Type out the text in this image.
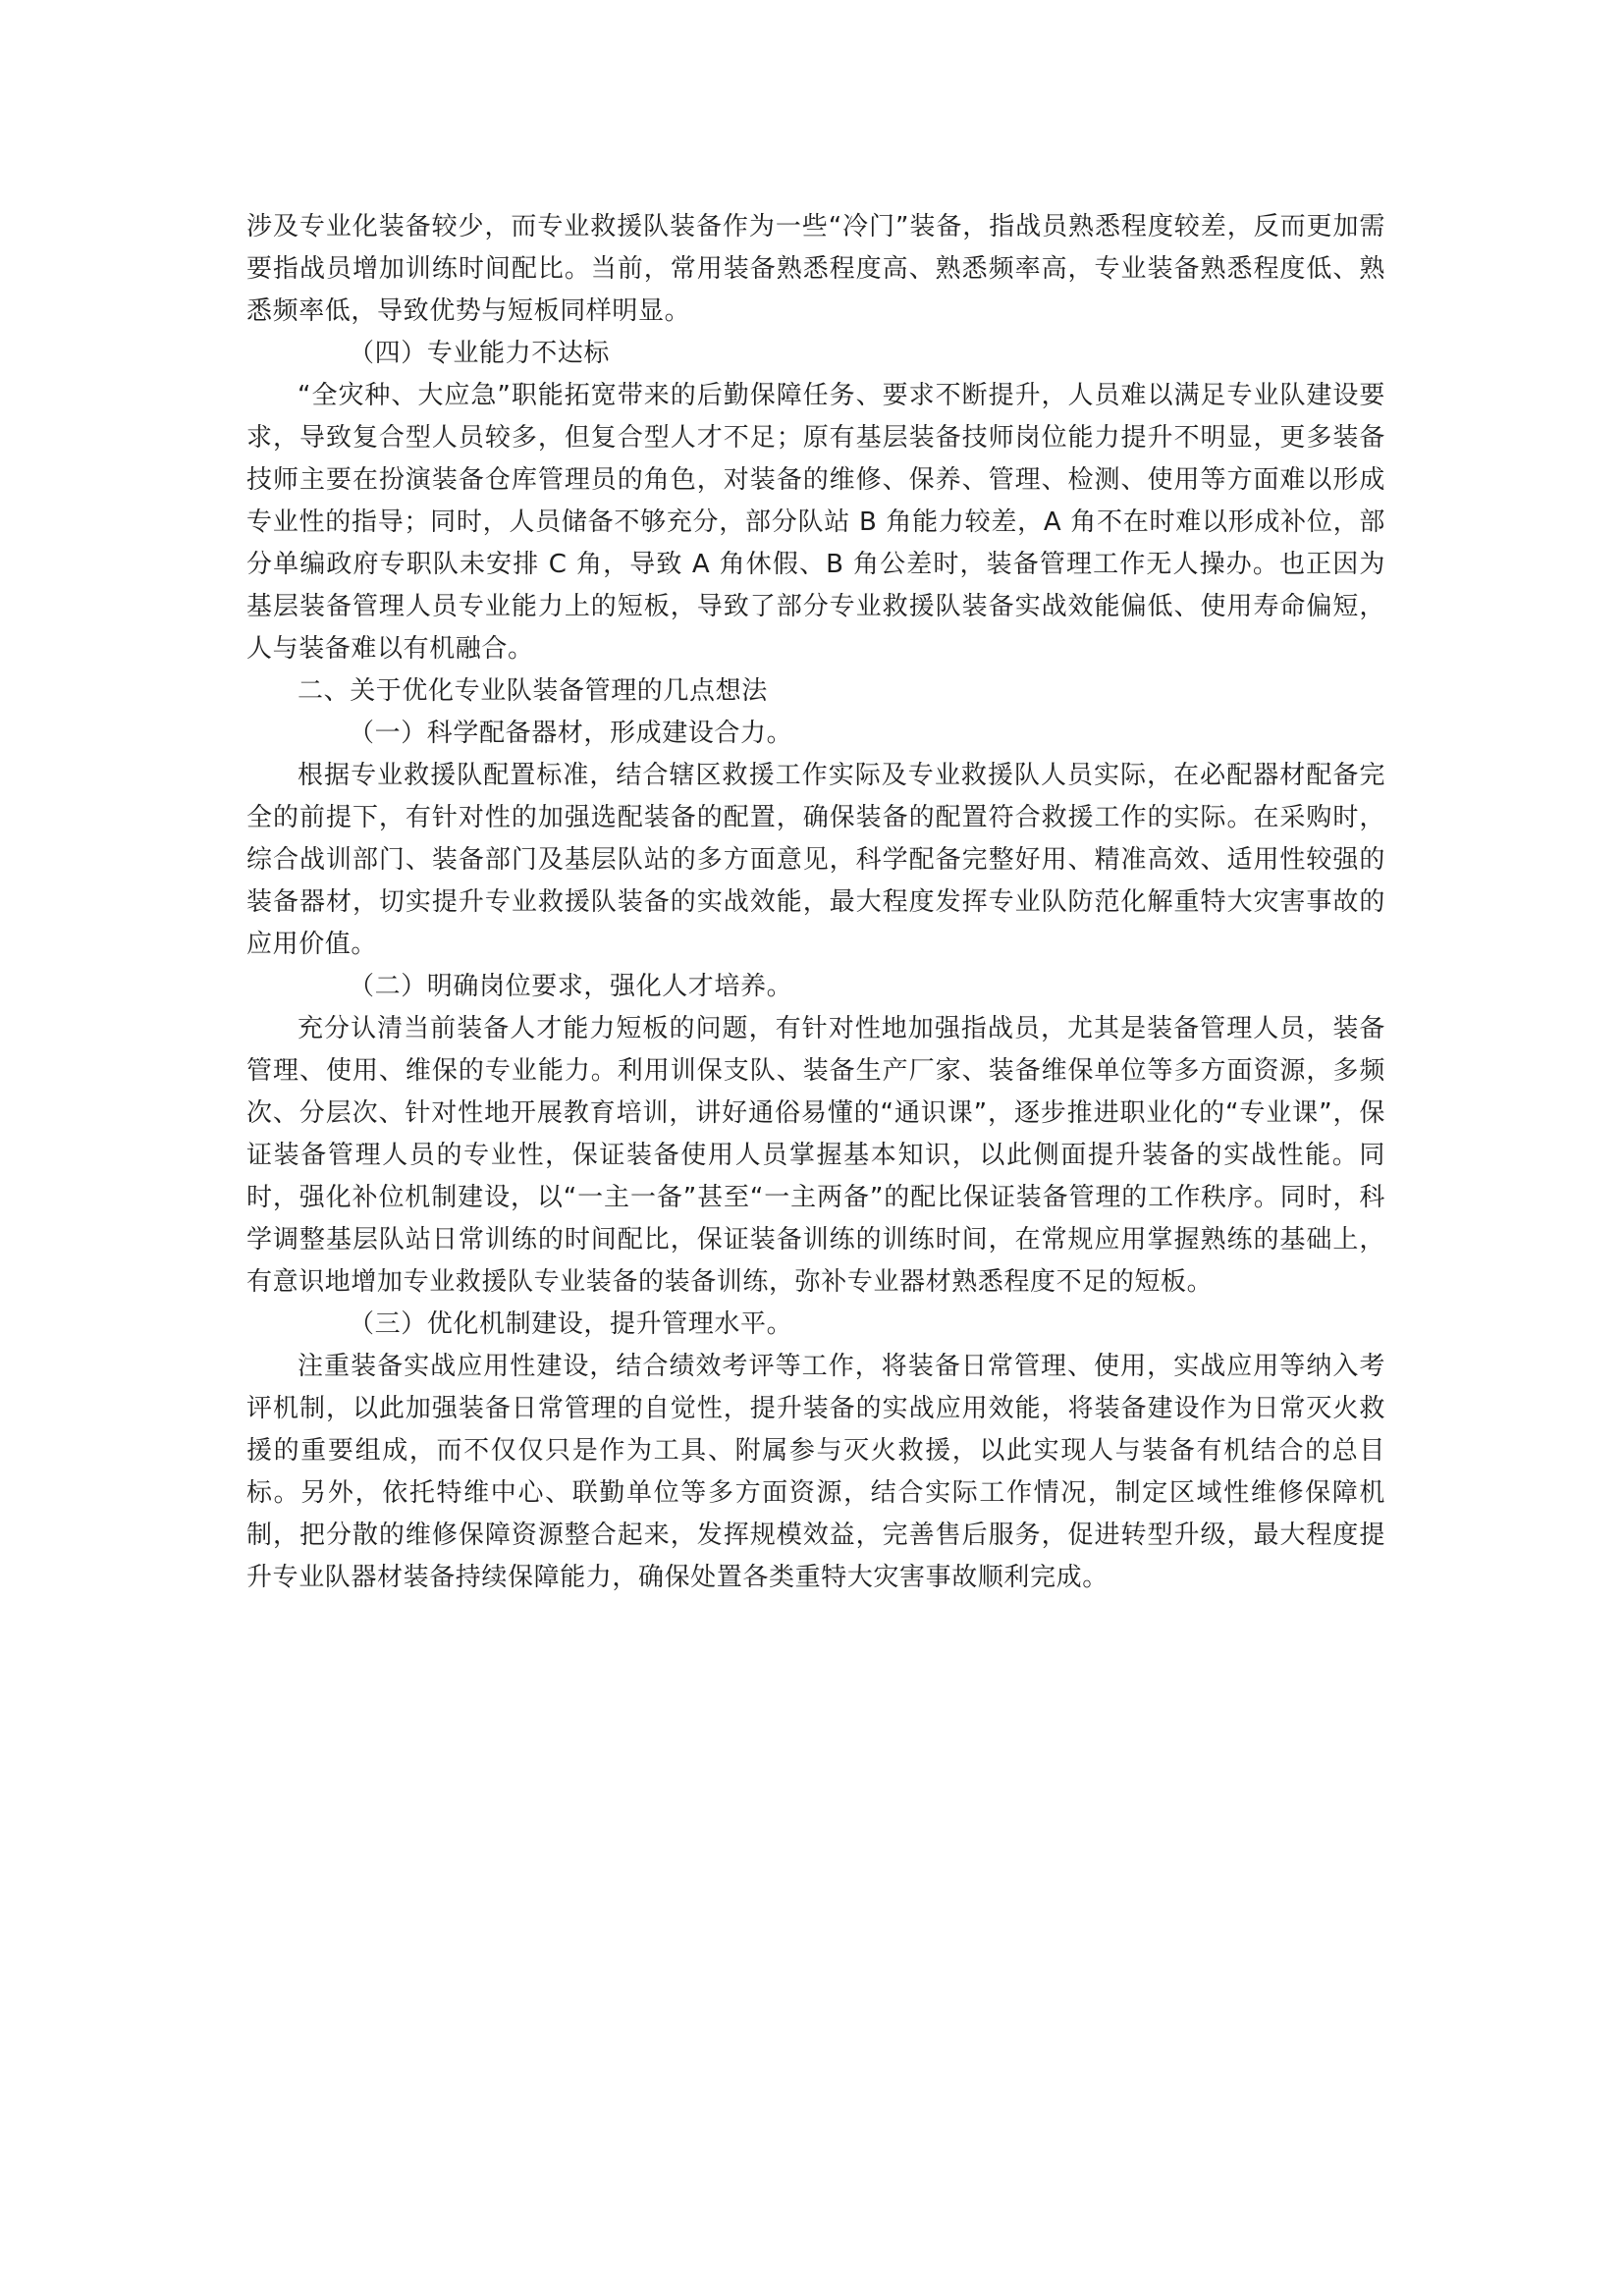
涉及专业化装备较少，而专业救援队装备作为一些“冷门”装备，指战员熟悉程度较差，反而更加需要指战员增加训练时间配比。当前，常用装备熟悉程度高、熟悉频率高，专业装备熟悉程度低、熟悉频率低，导致优势与短板同样明显。

（四）专业能力不达标

“全灾种、大应急”职能拓宽带来的后勤保障任务、要求不断提升，人员难以满足专业队建设要求，导致复合型人员较多，但复合型人才不足；原有基层装备技师岗位能力提升不明显，更多装备技师主要在扮演装备仓库管理员的角色，对装备的维修、保养、管理、检测、使用等方面难以形成专业性的指导；同时，人员储备不够充分，部分队站 B 角能力较差，A 角不在时难以形成补位，部分单编政府专职队未安排 C 角，导致 A 角休假、B 角公差时，装备管理工作无人操办。也正因为基层装备管理人员专业能力上的短板，导致了部分专业救援队装备实战效能偏低、使用寿命偏短，人与装备难以有机融合。

二、关于优化专业队装备管理的几点想法

（一）科学配备器材，形成建设合力。

根据专业救援队配置标准，结合辖区救援工作实际及专业救援队人员实际，在必配器材配备完全的前提下，有针对性的加强选配装备的配置，确保装备的配置符合救援工作的实际。在采购时，综合战训部门、装备部门及基层队站的多方面意见，科学配备完整好用、精准高效、适用性较强的装备器材，切实提升专业救援队装备的实战效能，最大程度发挥专业队防范化解重特大灾害事故的应用价值。

（二）明确岗位要求，强化人才培养。

充分认清当前装备人才能力短板的问题，有针对性地加强指战员，尤其是装备管理人员，装备管理、使用、维保的专业能力。利用训保支队、装备生产厂家、装备维保单位等多方面资源，多频次、分层次、针对性地开展教育培训，讲好通俗易懂的“通识课”，逐步推进职业化的“专业课”，保证装备管理人员的专业性，保证装备使用人员掌握基本知识，以此侧面提升装备的实战性能。同时，强化补位机制建设，以“一主一备”甚至“一主两备”的配比保证装备管理的工作秩序。同时，科学调整基层队站日常训练的时间配比，保证装备训练的训练时间，在常规应用掌握熟练的基础上，有意识地增加专业救援队专业装备的装备训练，弥补专业器材熟悉程度不足的短板。

（三）优化机制建设，提升管理水平。

注重装备实战应用性建设，结合绩效考评等工作，将装备日常管理、使用，实战应用等纳入考评机制，以此加强装备日常管理的自觉性，提升装备的实战应用效能，将装备建设作为日常灭火救援的重要组成，而不仅仅只是作为工具、附属参与灭火救援，以此实现人与装备有机结合的总目标。另外，依托特维中心、联勤单位等多方面资源，结合实际工作情况，制定区域性维修保障机制，把分散的维修保障资源整合起来，发挥规模效益，完善售后服务，促进转型升级，最大程度提升专业队器材装备持续保障能力，确保处置各类重特大灾害事故顺利完成。
